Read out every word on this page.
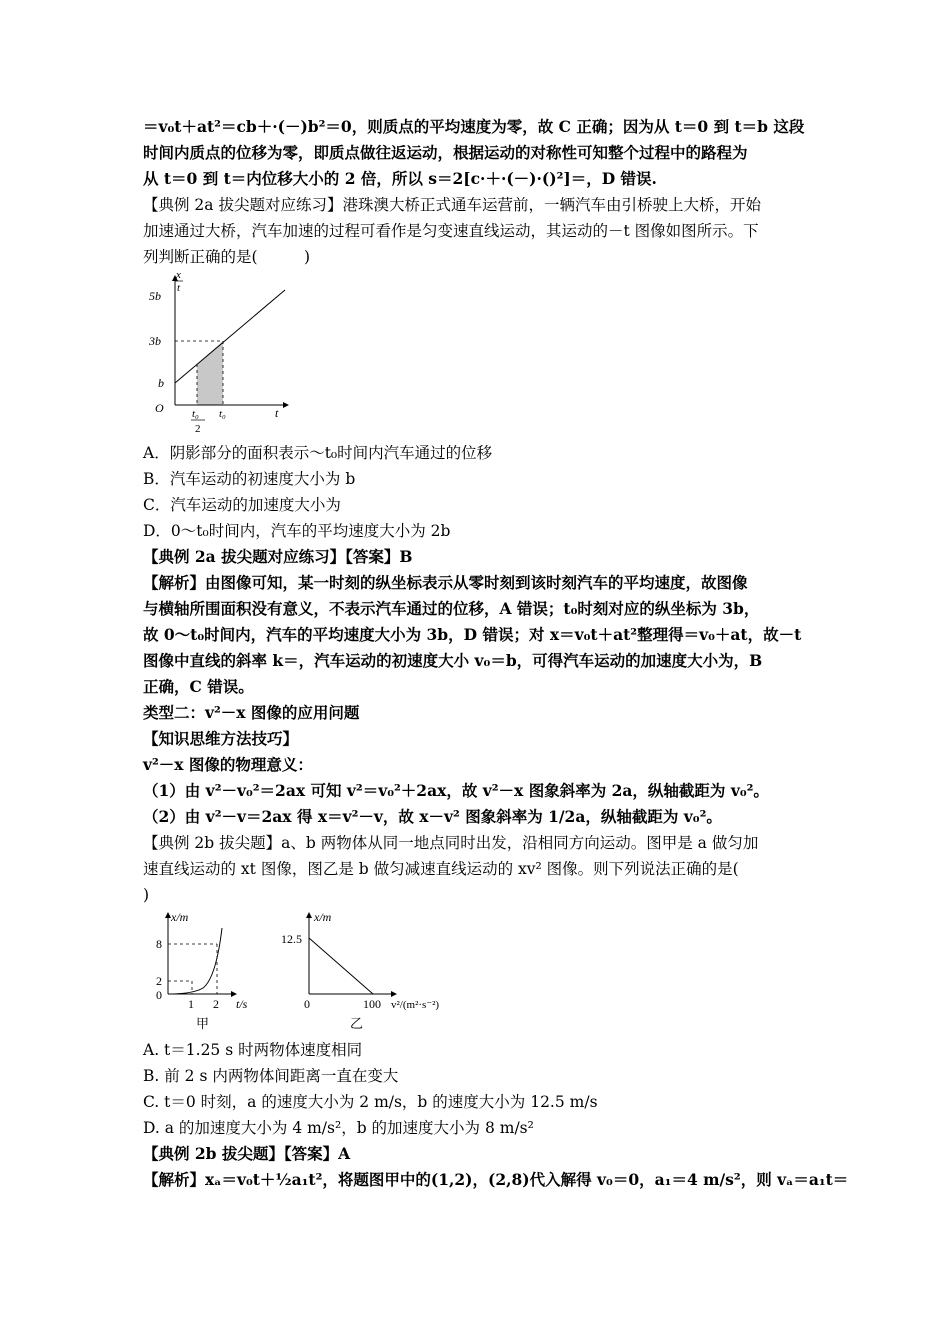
＝v₀t＋at²＝cb＋·(－)b²＝0，则质点的平均速度为零，故 C 正确；因为从 t＝0 到 t＝b 这段
时间内质点的位移为零，即质点做往返运动，根据运动的对称性可知整个过程中的路程为
从 t＝0 到 t＝内位移大小的 2 倍，所以 s＝2[c·＋·(－)·()²]＝，D 错误.
【典例 2a 拔尖题对应练习】港珠澳大桥正式通车运营前，一辆汽车由引桥驶上大桥，开始
加速通过大桥，汽车加速的过程可看作是匀变速直线运动，其运动的－t 图像如图所示。下
列判断正确的是(　　　)
A．阴影部分的面积表示～t₀时间内汽车通过的位移
B．汽车运动的初速度大小为 b
C．汽车运动的加速度大小为
D．0～t₀时间内，汽车的平均速度大小为 2b
【典例 2a 拔尖题对应练习】【答案】B
【解析】由图像可知，某一时刻的纵坐标表示从零时刻到该时刻汽车的平均速度，故图像
与横轴所围面积没有意义，不表示汽车通过的位移，A 错误；t₀时刻对应的纵坐标为 3b，
故 0～t₀时间内，汽车的平均速度大小为 3b，D 错误；对 x＝v₀t＋at²整理得＝v₀＋at，故－t
图像中直线的斜率 k＝，汽车运动的初速度大小 v₀＝b，可得汽车运动的加速度大小为，B
正确，C 错误。
类型二：v²－x 图像的应用问题
【知识思维方法技巧】
v²－x 图像的物理意义：
（1）由 v²－v₀²＝2ax 可知 v²＝v₀²＋2ax，故 v²－x 图象斜率为 2a，纵轴截距为 v₀²。
（2）由 v²－v＝2ax 得 x＝v²－v，故 x－v² 图象斜率为 1/2a，纵轴截距为 v₀²。
【典例 2b 拔尖题】a、b 两物体从同一地点同时出发，沿相同方向运动。图甲是 a 做匀加
速直线运动的 xt 图像，图乙是 b 做匀减速直线运动的 xv² 图像。则下列说法正确的是(
)
A. t＝1.25 s 时两物体速度相同
B. 前 2 s 内两物体间距离一直在变大
C. t＝0 时刻，a 的速度大小为 2 m/s，b 的速度大小为 12.5 m/s
D. a 的加速度大小为 4 m/s²，b 的加速度大小为 8 m/s²
【典例 2b 拔尖题】【答案】A
【解析】xₐ＝v₀t＋½a₁t²，将题图甲中的(1,2)，(2,8)代入解得 v₀＝0，a₁＝4 m/s²，则 vₐ＝a₁t＝
x
t
5b
3b
b
O	t
t₀
2
t₀
x/m
8
2
0
1 2 t/s
甲
x/m
12.5
0	100 v²/(m²·s⁻²)
乙
